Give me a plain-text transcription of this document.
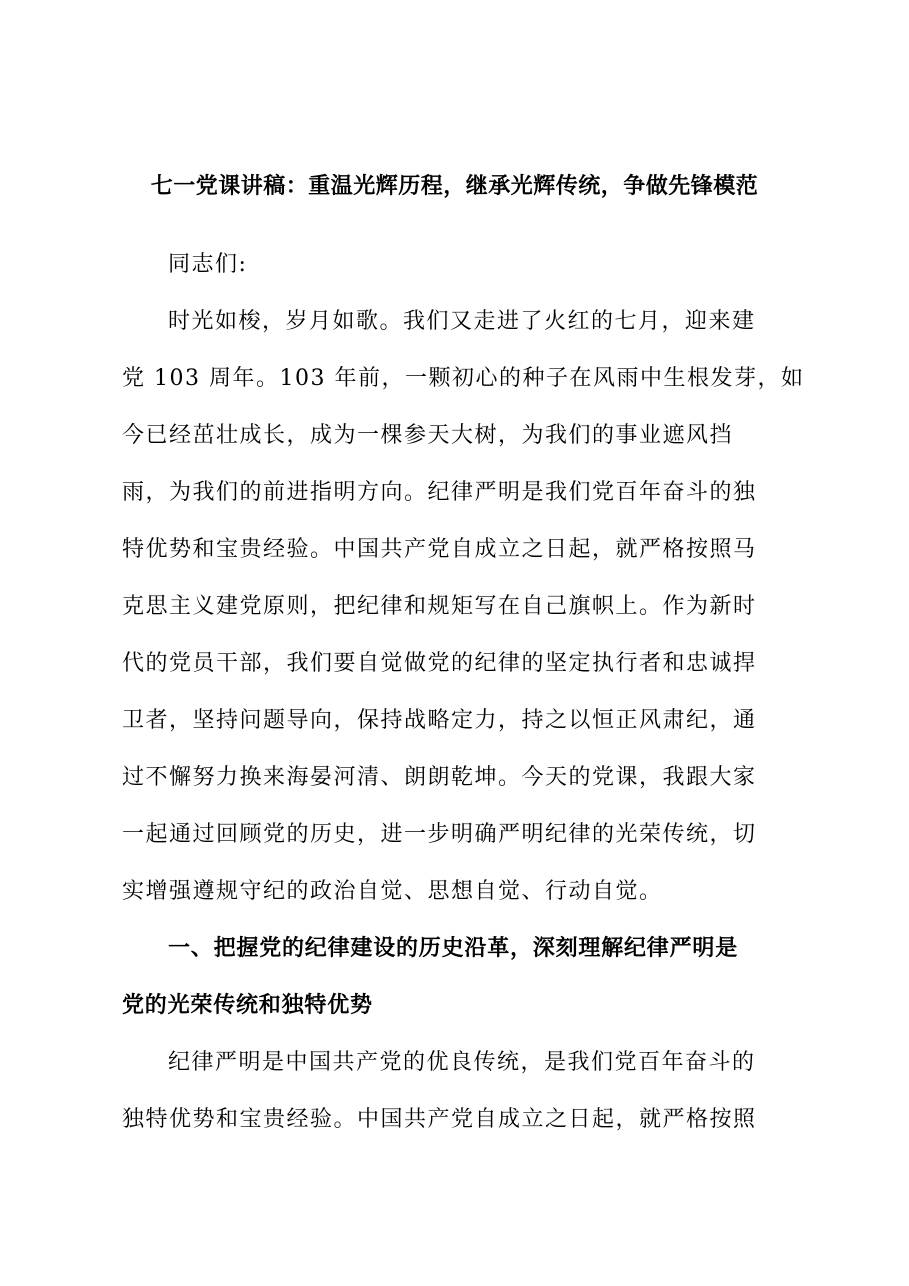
七一党课讲稿：重温光辉历程，继承光辉传统，争做先锋模范
同志们:
时光如梭，岁月如歌。我们又走进了火红的七月，迎来建
党 103 周年。103 年前，一颗初心的种子在风雨中生根发芽，如
今已经茁壮成长，成为一棵参天大树，为我们的事业遮风挡
雨，为我们的前进指明方向。纪律严明是我们党百年奋斗的独
特优势和宝贵经验。中国共产党自成立之日起，就严格按照马
克思主义建党原则，把纪律和规矩写在自己旗帜上。作为新时
代的党员干部，我们要自觉做党的纪律的坚定执行者和忠诚捍
卫者，坚持问题导向，保持战略定力，持之以恒正风肃纪，通
过不懈努力换来海晏河清、朗朗乾坤。今天的党课，我跟大家
一起通过回顾党的历史，进一步明确严明纪律的光荣传统，切
实增强遵规守纪的政治自觉、思想自觉、行动自觉。
一、把握党的纪律建设的历史沿革，深刻理解纪律严明是
党的光荣传统和独特优势
纪律严明是中国共产党的优良传统，是我们党百年奋斗的
独特优势和宝贵经验。中国共产党自成立之日起，就严格按照
